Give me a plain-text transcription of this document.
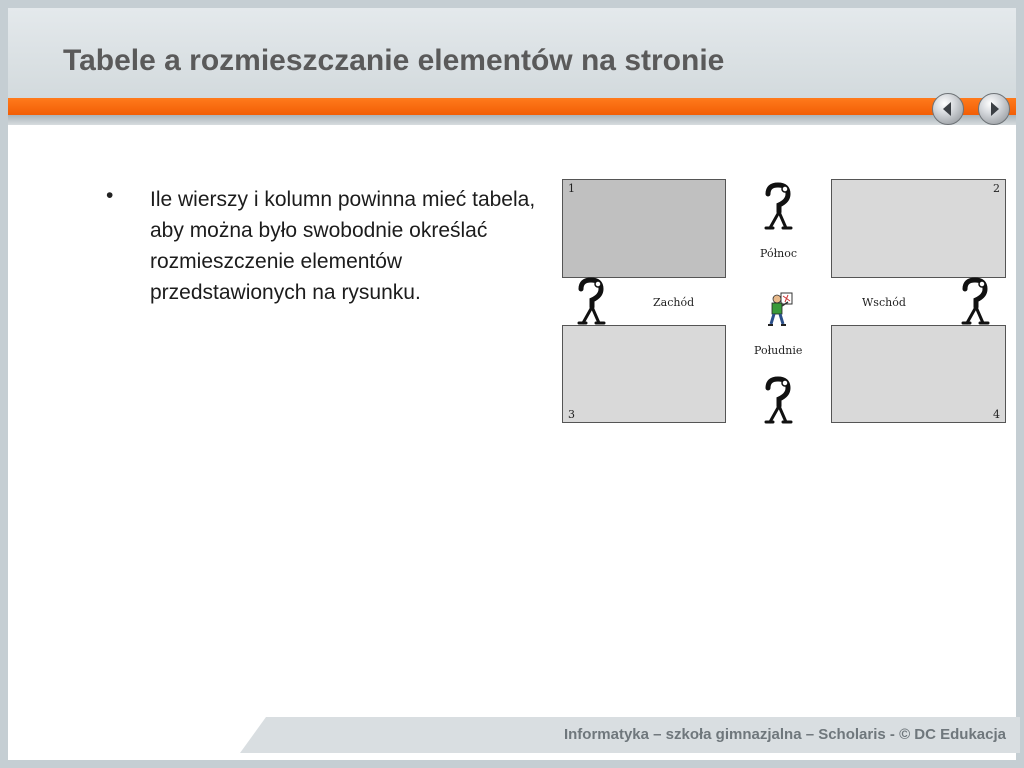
Tabele a rozmieszczanie elementów na stronie
• Ile wierszy i kolumn powinna mieć tabela, aby można było swobodnie określać rozmieszczenie elementów przedstawionych na rysunku.
1	2
3	4
Północ
Południe
Zachód	Wschód
Informatyka – szkoła gimnazjalna – Scholaris - © DC Edukacja
